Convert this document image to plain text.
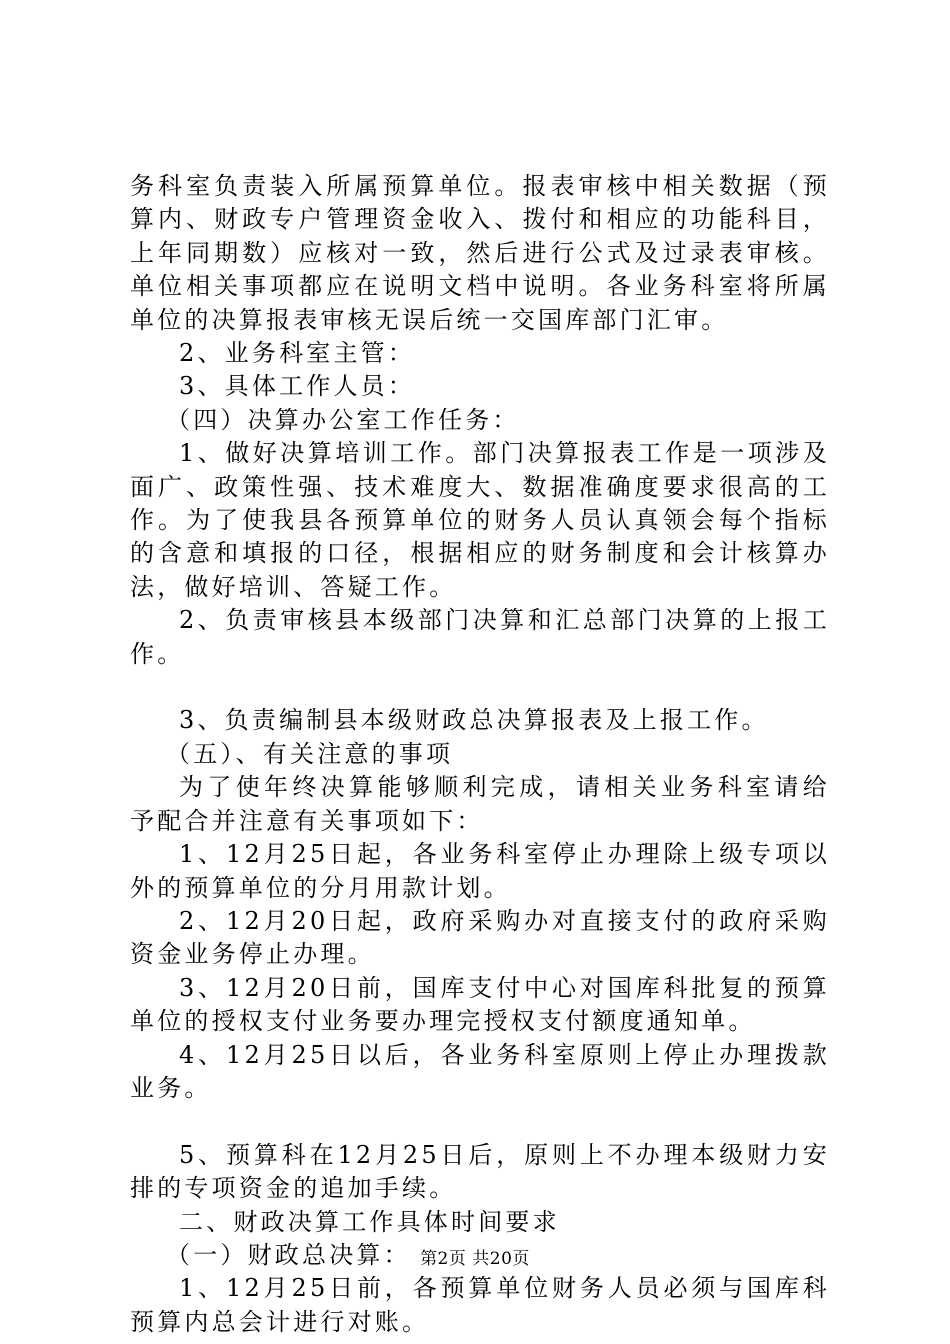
务科室负责装入所属预算单位。报表审核中相关数据（预算内、财政专户管理资金收入、拨付和相应的功能科目，上年同期数）应核对一致，然后进行公式及过录表审核。单位相关事项都应在说明文档中说明。各业务科室将所属单位的决算报表审核无误后统一交国库部门汇审。

2、业务科室主管：

3、具体工作人员：

（四）决算办公室工作任务：

1、做好决算培训工作。部门决算报表工作是一项涉及面广、政策性强、技术难度大、数据准确度要求很高的工作。为了使我县各预算单位的财务人员认真领会每个指标的含意和填报的口径，根据相应的财务制度和会计核算办法，做好培训、答疑工作。

2、负责审核县本级部门决算和汇总部门决算的上报工作。

3、负责编制县本级财政总决算报表及上报工作。

（五）、有关注意的事项

为了使年终决算能够顺利完成，请相关业务科室请给予配合并注意有关事项如下：

1、12月25日起，各业务科室停止办理除上级专项以外的预算单位的分月用款计划。

2、12月20日起，政府采购办对直接支付的政府采购资金业务停止办理。

3、12月20日前，国库支付中心对国库科批复的预算单位的授权支付业务要办理完授权支付额度通知单。

4、12月25日以后，各业务科室原则上停止办理拨款业务。

5、预算科在12月25日后，原则上不办理本级财力安排的专项资金的追加手续。

二、财政决算工作具体时间要求

（一）财政总决算：

1、12月25日前，各预算单位财务人员必须与国库科预算内总会计进行对账。

第2页 共20页
